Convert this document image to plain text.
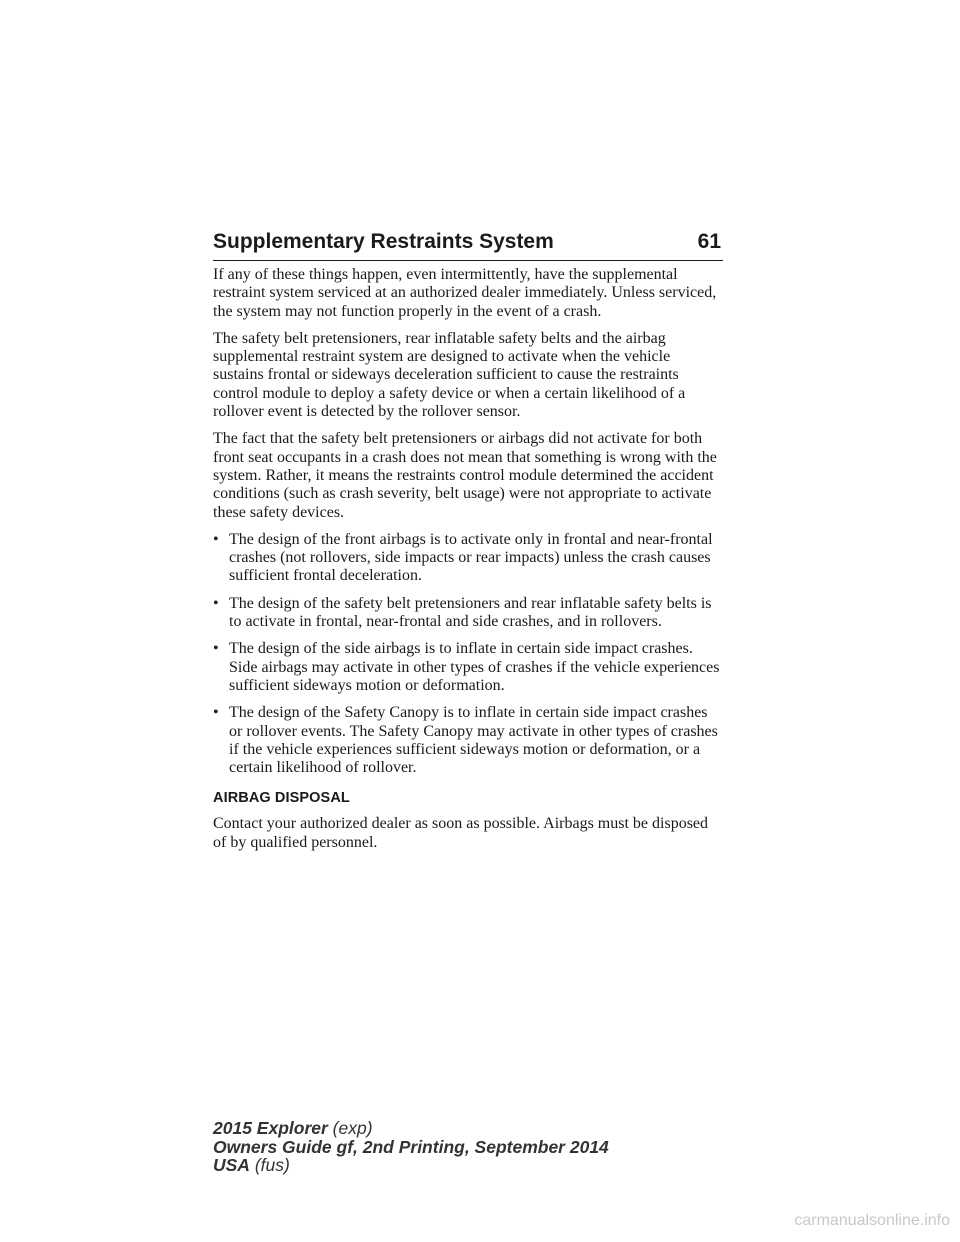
Supplementary Restraints System	61

If any of these things happen, even intermittently, have the supplemental restraint system serviced at an authorized dealer immediately. Unless serviced, the system may not function properly in the event of a crash.

The safety belt pretensioners, rear inflatable safety belts and the airbag supplemental restraint system are designed to activate when the vehicle sustains frontal or sideways deceleration sufficient to cause the restraints control module to deploy a safety device or when a certain likelihood of a rollover event is detected by the rollover sensor.

The fact that the safety belt pretensioners or airbags did not activate for both front seat occupants in a crash does not mean that something is wrong with the system. Rather, it means the restraints control module determined the accident conditions (such as crash severity, belt usage) were not appropriate to activate these safety devices.

• The design of the front airbags is to activate only in frontal and near-frontal crashes (not rollovers, side impacts or rear impacts) unless the crash causes sufficient frontal deceleration.
• The design of the safety belt pretensioners and rear inflatable safety belts is to activate in frontal, near-frontal and side crashes, and in rollovers.
• The design of the side airbags is to inflate in certain side impact crashes. Side airbags may activate in other types of crashes if the vehicle experiences sufficient sideways motion or deformation.
• The design of the Safety Canopy is to inflate in certain side impact crashes or rollover events. The Safety Canopy may activate in other types of crashes if the vehicle experiences sufficient sideways motion or deformation, or a certain likelihood of rollover.
AIRBAG DISPOSAL

Contact your authorized dealer as soon as possible. Airbags must be disposed of by qualified personnel.

2015 Explorer (exp)
Owners Guide gf, 2nd Printing, September 2014
USA (fus)
carmanualsonline.info
